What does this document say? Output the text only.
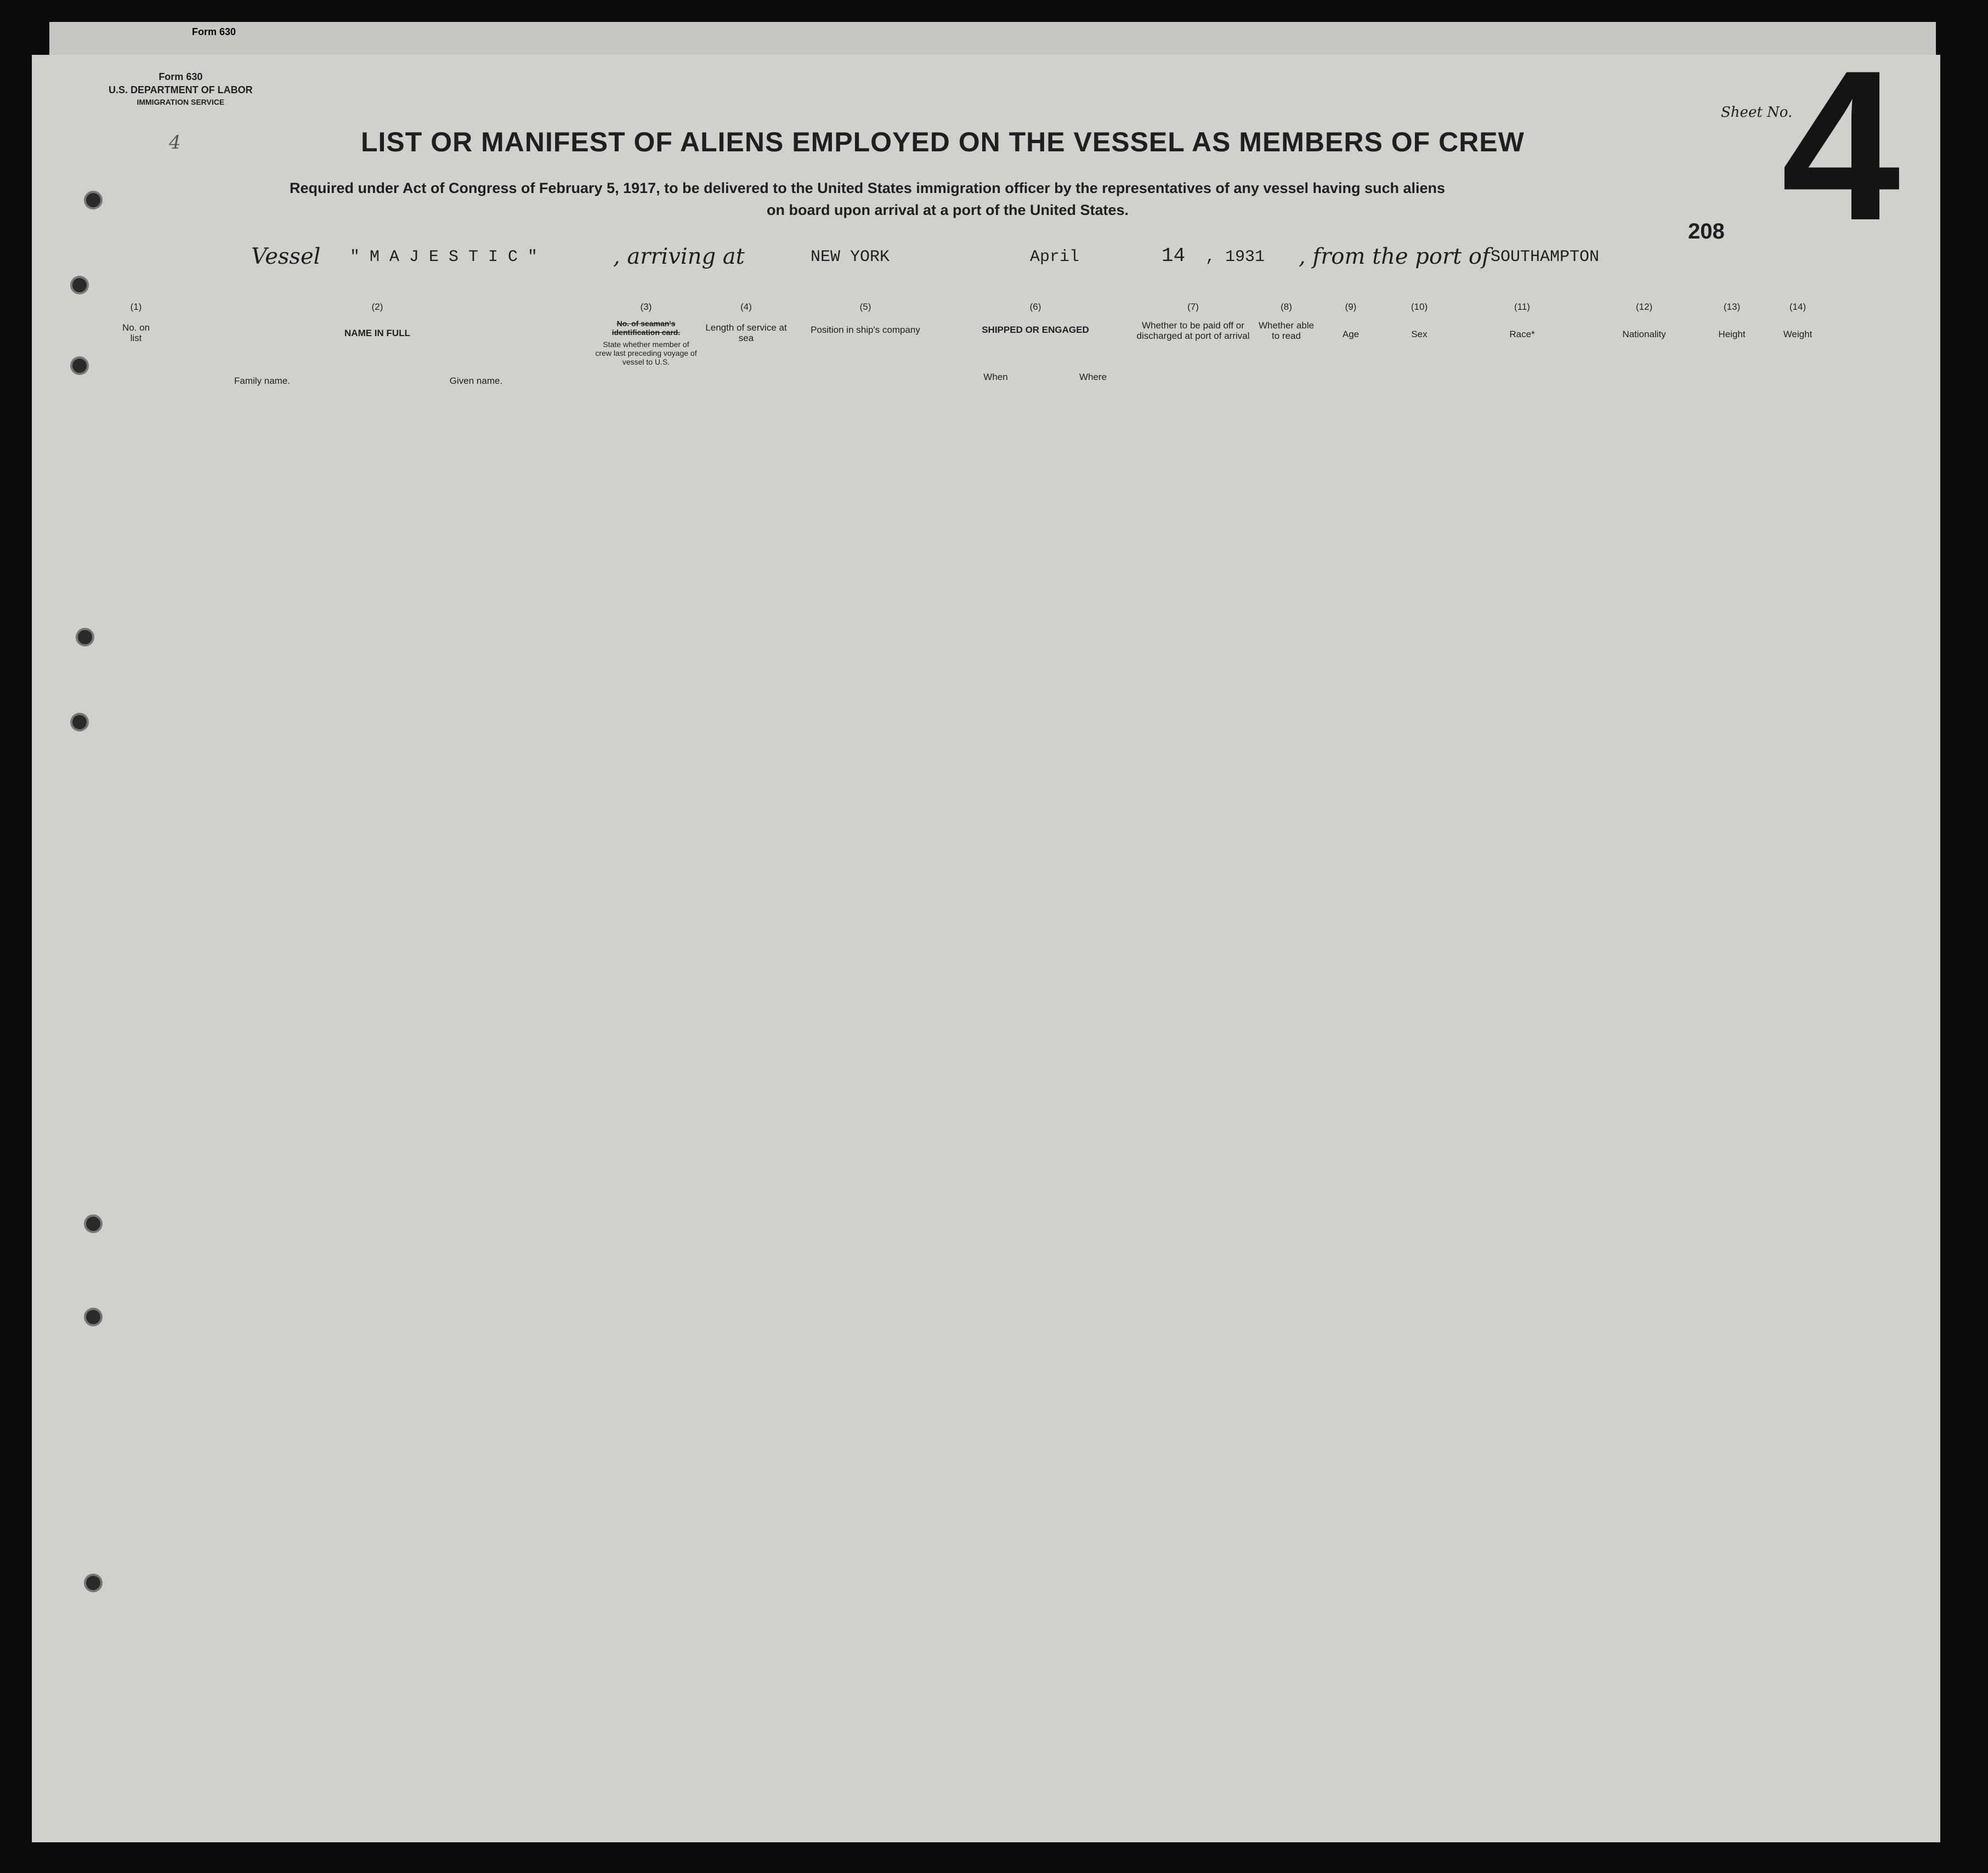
Form 630
Form 630
U.S. DEPARTMENT OF LABOR
IMMIGRATION SERVICE
4	LIST OR MANIFEST OF ALIENS EMPLOYED ON THE VESSEL AS MEMBERS OF CREW
Required under Act of Congress of February 5, 1917, to be delivered to the United States immigration officer by the representatives of any vessel having such aliens
on board upon arrival at a port of the United States.
Sheet No.
4
208
Vessel " M A J E S T I C "	, arriving at	NEW YORK	April	14 , 1931 , from the port of SOUTHAMPTON
(1)
No. on list
(2)
NAME IN FULL
Family name.	Given name.
(3)
No. of seaman's identification card.
State whether member of crew last preceding voyage of vessel to U.S.
(4)
Length of service at sea
(5)
Position in ship's company
(6)
SHIPPED OR ENGAGED
When	Where
(7)
Whether to be paid off or discharged at port of arrival
(8)
Whether able to read
(9)
Age
(10)
Sex
(11)
Race*
(12)
Nationality
(13)
Height
(14)
Weight
